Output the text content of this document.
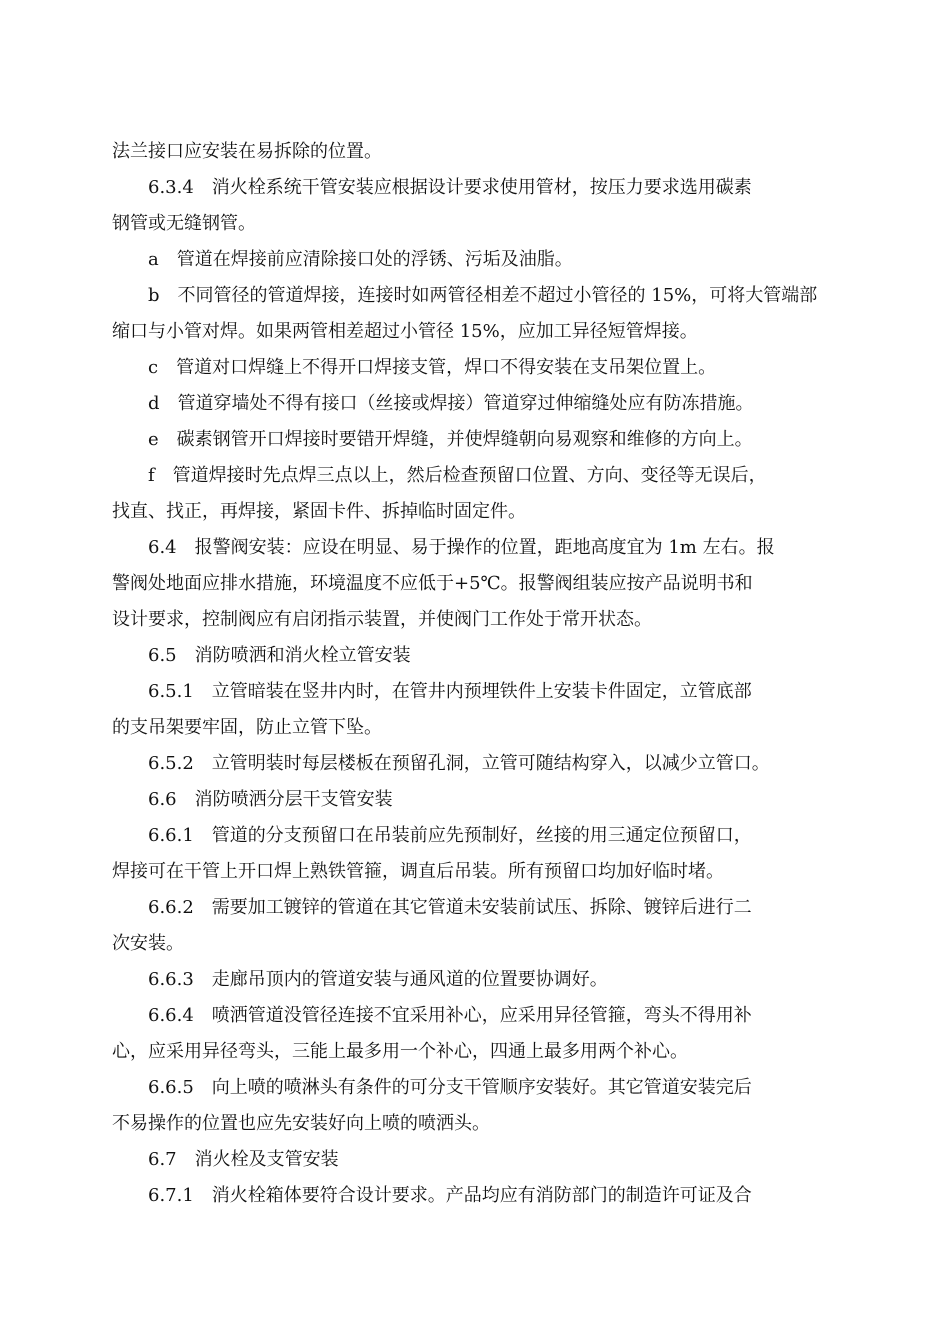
法兰接口应安装在易拆除的位置。
6.3.4　消火栓系统干管安装应根据设计要求使用管材，按压力要求选用碳素
钢管或无缝钢管。
a　管道在焊接前应清除接口处的浮锈、污垢及油脂。
b　不同管径的管道焊接，连接时如两管径相差不超过小管径的 15%，可将大管端部
缩口与小管对焊。如果两管相差超过小管径 15%，应加工异径短管焊接。
c　管道对口焊缝上不得开口焊接支管，焊口不得安装在支吊架位置上。
d　管道穿墙处不得有接口（丝接或焊接）管道穿过伸缩缝处应有防冻措施。
e　碳素钢管开口焊接时要错开焊缝，并使焊缝朝向易观察和维修的方向上。
f　管道焊接时先点焊三点以上，然后检查预留口位置、方向、变径等无误后，
找直、找正，再焊接，紧固卡件、拆掉临时固定件。
6.4　报警阀安装：应设在明显、易于操作的位置，距地高度宜为 1m 左右。报
警阀处地面应排水措施，环境温度不应低于+5℃。报警阀组装应按产品说明书和
设计要求，控制阀应有启闭指示装置，并使阀门工作处于常开状态。
6.5　消防喷洒和消火栓立管安装
6.5.1　立管暗装在竖井内时，在管井内预埋铁件上安装卡件固定，立管底部
的支吊架要牢固，防止立管下坠。
6.5.2　立管明装时每层楼板在预留孔洞，立管可随结构穿入，以减少立管口。
6.6　消防喷洒分层干支管安装
6.6.1　管道的分支预留口在吊装前应先预制好，丝接的用三通定位预留口，
焊接可在干管上开口焊上熟铁管箍，调直后吊装。所有预留口均加好临时堵。
6.6.2　需要加工镀锌的管道在其它管道未安装前试压、拆除、镀锌后进行二
次安装。
6.6.3　走廊吊顶内的管道安装与通风道的位置要协调好。
6.6.4　喷洒管道没管径连接不宜采用补心，应采用异径管箍，弯头不得用补
心，应采用异径弯头，三能上最多用一个补心，四通上最多用两个补心。
6.6.5　向上喷的喷淋头有条件的可分支干管顺序安装好。其它管道安装完后
不易操作的位置也应先安装好向上喷的喷洒头。
6.7　消火栓及支管安装
6.7.1　消火栓箱体要符合设计要求。产品均应有消防部门的制造许可证及合
